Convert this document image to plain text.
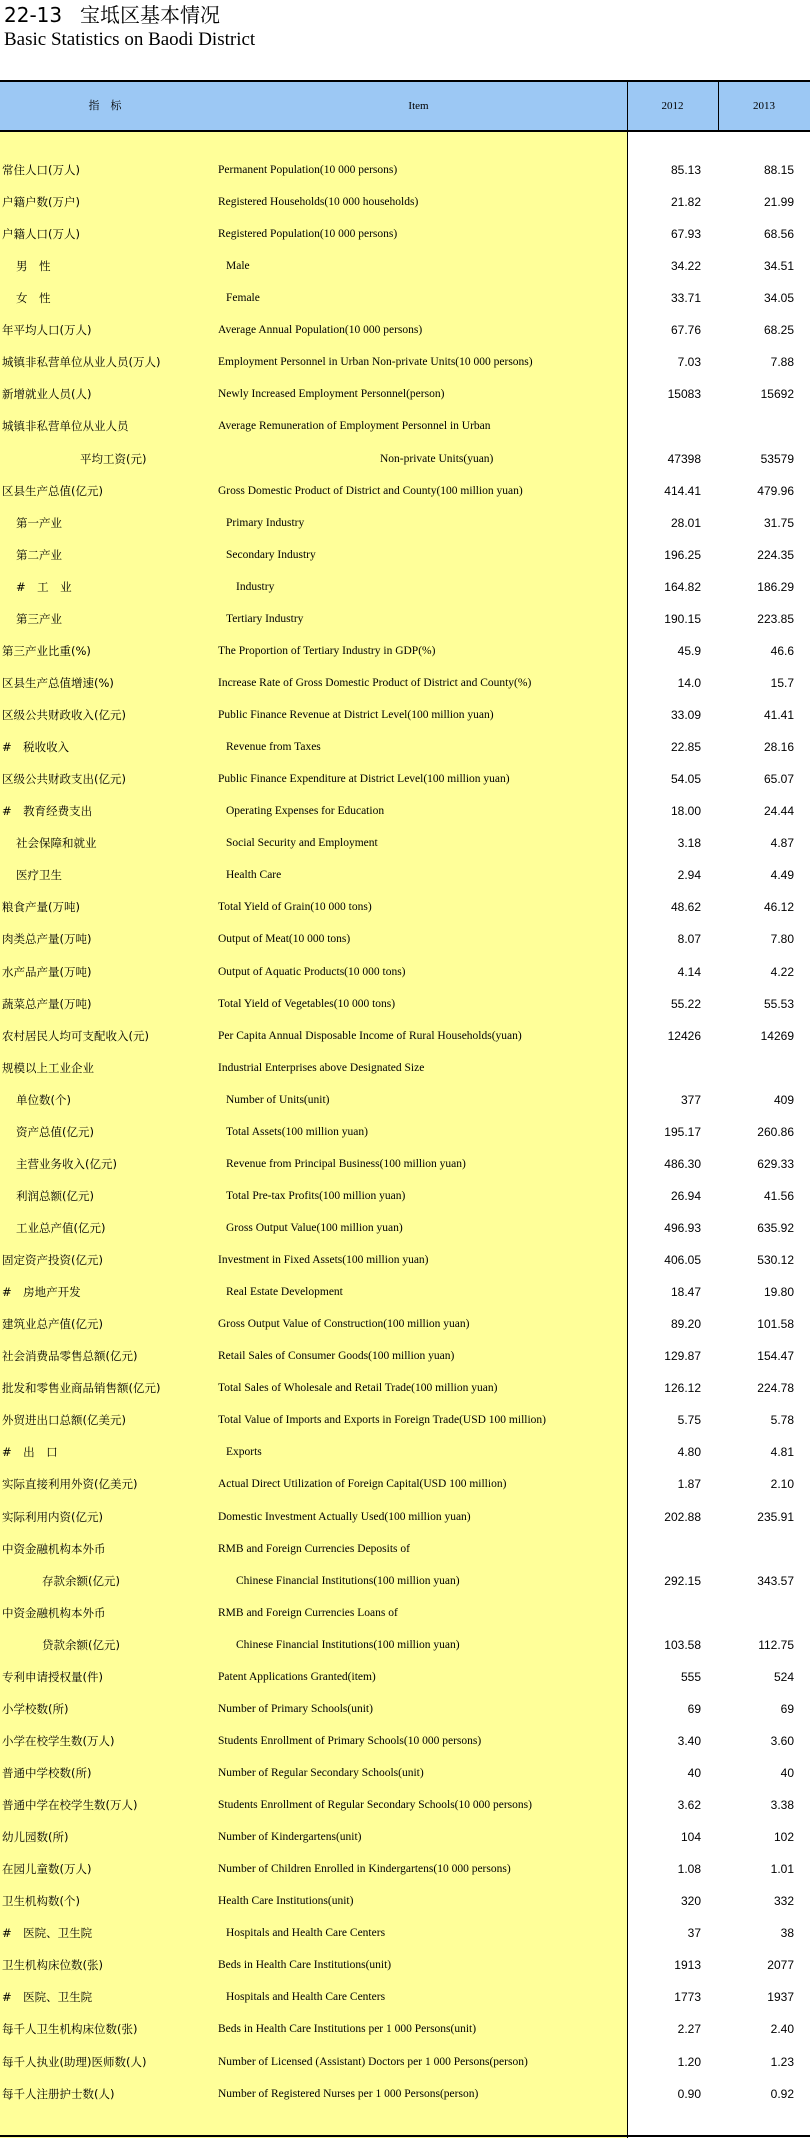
22-13 宝坻区基本情况
Basic Statistics on Baodi District
指　标	Item	2012	2013
常住人口(万人)	Permanent Population(10 000 persons)	85.13	88.15
户籍户数(万户)	Registered Households(10 000 households)	21.82	21.99
户籍人口(万人)	Registered Population(10 000 persons)	67.93	68.56
男　性	Male	34.22	34.51
女　性	Female	33.71	34.05
年平均人口(万人)	Average Annual Population(10 000 persons)	67.76	68.25
城镇非私营单位从业人员(万人)	Employment Personnel in Urban Non-private Units(10 000 persons)	7.03	7.88
新增就业人员(人)	Newly Increased Employment Personnel(person)	15083	15692
城镇非私营单位从业人员	Average Remuneration of Employment Personnel in Urban
平均工资(元)	Non-private Units(yuan)	47398	53579
区县生产总值(亿元)	Gross Domestic Product of District and County(100 million yuan)	414.41	479.96
第一产业	Primary Industry	28.01	31.75
第二产业	Secondary Industry	196.25	224.35
#　工　业	Industry	164.82	186.29
第三产业	Tertiary Industry	190.15	223.85
第三产业比重(%)	The Proportion of Tertiary Industry in GDP(%)	45.9	46.6
区县生产总值增速(%)	Increase Rate of Gross Domestic Product of District and County(%)	14.0	15.7
区级公共财政收入(亿元)	Public Finance Revenue at District Level(100 million yuan)	33.09	41.41
#　税收收入	Revenue from Taxes	22.85	28.16
区级公共财政支出(亿元)	Public Finance Expenditure at District Level(100 million yuan)	54.05	65.07
#　教育经费支出	Operating Expenses for Education	18.00	24.44
社会保障和就业	Social Security and Employment	3.18	4.87
医疗卫生	Health Care	2.94	4.49
粮食产量(万吨)	Total Yield of Grain(10 000 tons)	48.62	46.12
肉类总产量(万吨)	Output of Meat(10 000 tons)	8.07	7.80
水产品产量(万吨)	Output of Aquatic Products(10 000 tons)	4.14	4.22
蔬菜总产量(万吨)	Total Yield of Vegetables(10 000 tons)	55.22	55.53
农村居民人均可支配收入(元)	Per Capita Annual Disposable Income of Rural Households(yuan)	12426	14269
规模以上工业企业	Industrial Enterprises above Designated Size
单位数(个)	Number of Units(unit)	377	409
资产总值(亿元)	Total Assets(100 million yuan)	195.17	260.86
主营业务收入(亿元)	Revenue from Principal Business(100 million yuan)	486.30	629.33
利润总额(亿元)	Total Pre-tax Profits(100 million yuan)	26.94	41.56
工业总产值(亿元)	Gross Output Value(100 million yuan)	496.93	635.92
固定资产投资(亿元)	Investment in Fixed Assets(100 million yuan)	406.05	530.12
#　房地产开发	Real Estate Development	18.47	19.80
建筑业总产值(亿元)	Gross Output Value of Construction(100 million yuan)	89.20	101.58
社会消费品零售总额(亿元)	Retail Sales of Consumer Goods(100 million yuan)	129.87	154.47
批发和零售业商品销售额(亿元)	Total Sales of Wholesale and Retail Trade(100 million yuan)	126.12	224.78
外贸进出口总额(亿美元)	Total Value of Imports and Exports in Foreign Trade(USD 100 million)	5.75	5.78
#　出　口	Exports	4.80	4.81
实际直接利用外资(亿美元)	Actual Direct Utilization of Foreign Capital(USD 100 million)	1.87	2.10
实际利用内资(亿元)	Domestic Investment Actually Used(100 million yuan)	202.88	235.91
中资金融机构本外币	RMB and Foreign Currencies Deposits of
存款余额(亿元)	Chinese Financial Institutions(100 million yuan)	292.15	343.57
中资金融机构本外币	RMB and Foreign Currencies Loans of
贷款余额(亿元)	Chinese Financial Institutions(100 million yuan)	103.58	112.75
专利申请授权量(件)	Patent Applications Granted(item)	555	524
小学校数(所)	Number of Primary Schools(unit)	69	69
小学在校学生数(万人)	Students Enrollment of Primary Schools(10 000 persons)	3.40	3.60
普通中学校数(所)	Number of Regular Secondary Schools(unit)	40	40
普通中学在校学生数(万人)	Students Enrollment of Regular Secondary Schools(10 000 persons)	3.62	3.38
幼儿园数(所)	Number of Kindergartens(unit)	104	102
在园儿童数(万人)	Number of Children Enrolled in Kindergartens(10 000 persons)	1.08	1.01
卫生机构数(个)	Health Care Institutions(unit)	320	332
#　医院、卫生院	Hospitals and Health Care Centers	37	38
卫生机构床位数(张)	Beds in Health Care Institutions(unit)	1913	2077
#　医院、卫生院	Hospitals and Health Care Centers	1773	1937
每千人卫生机构床位数(张)	Beds in Health Care Institutions per 1 000 Persons(unit)	2.27	2.40
每千人执业(助理)医师数(人)	Number of Licensed (Assistant) Doctors per 1 000 Persons(person)	1.20	1.23
每千人注册护士数(人)	Number of Registered Nurses per 1 000 Persons(person)	0.90	0.92
